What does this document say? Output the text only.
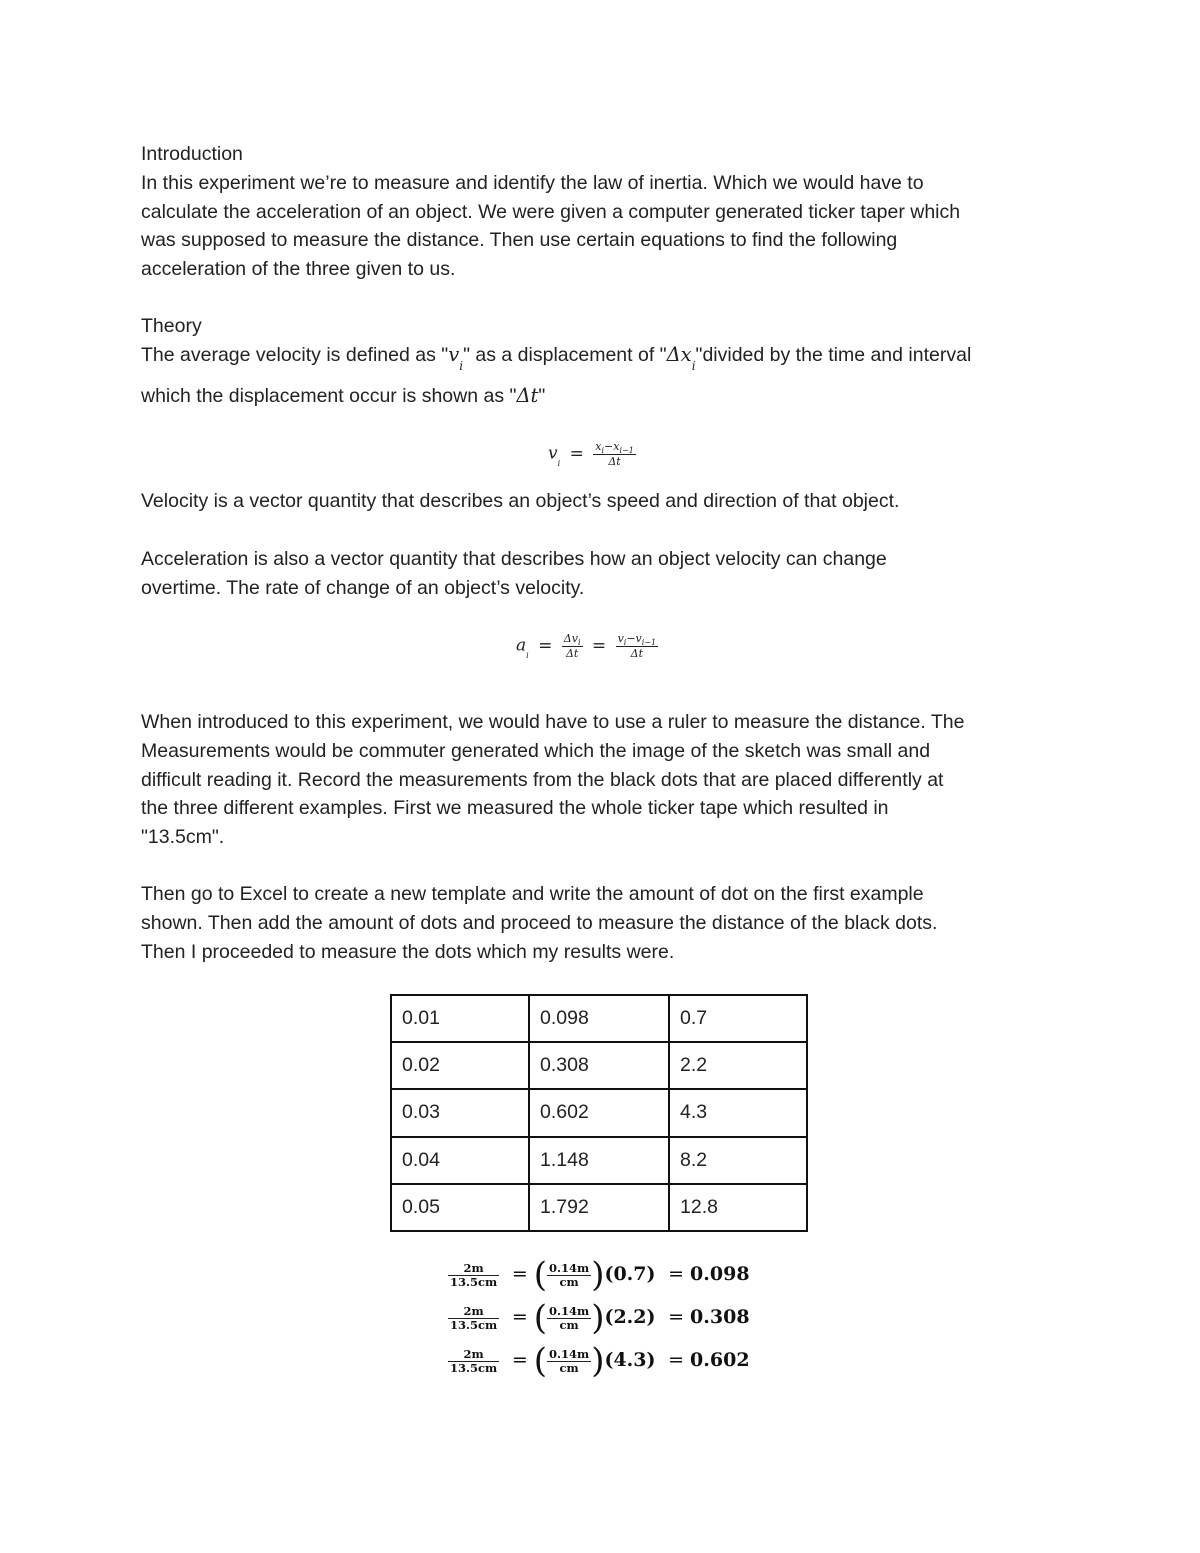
Introduction

In this experiment we’re to measure and identify the law of inertia. Which we would have to

calculate the acceleration of an object. We were given a computer generated ticker taper which

was supposed to measure the distance. Then use certain equations to find the following

acceleration of the three given to us.

Theory

The average velocity is defined as "$v_i$" as a displacement of "$\Delta x_i"divided$ by the time and interval

which the displacement occur is shown as "Δt"

$v_i = \frac{x_i-x_{i-1}}{\Delta t}$

Velocity is a vector quantity that describes an object’s speed and direction of that object.

Acceleration is also a vector quantity that describes how an object velocity can change

overtime. The rate of change of an object’s velocity.

$a_i = \frac{\Delta v_i}{\Delta t} = \frac{v_i-v_{i-1}}{\Delta t}$

When introduced to this experiment, we would have to use a ruler to measure the distance. The

Measurements would be commuter generated which the image of the sketch was small and

difficult reading it. Record the measurements from the black dots that are placed differently at

the three different examples. First we measured the whole ticker tape which resulted in

"13.5cm".

Then go to Excel to create a new template and write the amount of dot on the first example

shown. Then add the amount of dots and proceed to measure the distance of the black dots.

Then I proceeded to measure the dots which my results were.

0.01	0.098	0.7
0.02	0.308	2.2
0.03	0.602	4.3
0.04	1.148	8.2
0.05	1.792	12.8
$\frac{2m}{13.5cm}$ = ( $\frac{0.14m}{cm} )(0.7) = 0.098$
$\frac{2m}{13.5cm}$ = ( $\frac{0.14m}{cm} )(2.2) = 0.308$
$\frac{2m}{13.5cm}$ = ( $\frac{0.14m}{cm} )(4.3) = 0.602$
